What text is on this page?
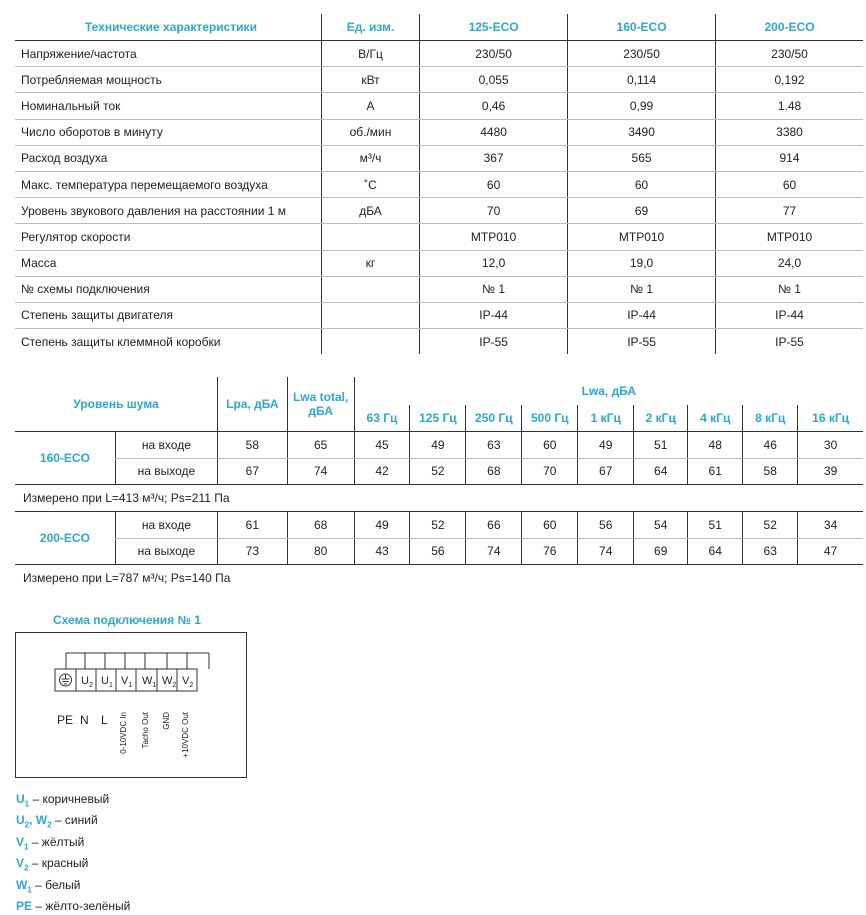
Технические характеристики	Ед. изм.	125-ECO	160-ECO	200-ECO
Напряжение/частота	В/Гц	230/50	230/50	230/50
Потребляемая мощность	кВт	0,055	0,114	0,192
Номинальный ток	А	0,46	0,99	1.48
Число оборотов в минуту	об./мин	4480	3490	3380
Расход воздуха	м³/ч	367	565	914
Макс. температура перемещаемого воздуха	˚С	60	60	60
Уровень звукового давления на расстоянии 1 м	дБА	70	69	77
Регулятор скорости		MTP010	MTP010	MTP010
Масса	кг	12,0	19,0	24,0
№ схемы подключения		№ 1	№ 1	№ 1
Степень защиты двигателя		IP-44	IP-44	IP-44
Степень защиты клеммной коробки		IP-55	IP-55	IP-55
Уровень шума		Lpa, дБА	Lwa total, дБА	Lwa, дБА								
				63 Гц	125 Гц	250 Гц	500 Гц	1 кГц	2 кГц	4 кГц	8 кГц	16 кГц
160-ECO	на входе	58	65	45	49	63	60	49	51	48	46	30
	на выходе	67	74	42	52	68	70	67	64	61	58	39
Измерено при L=413 м³/ч; Ps=211 Па												
200-ECO	на входе	61	68	49	52	66	60	56	54	51	52	34
	на выходе	73	80	43	56	74	76	74	69	64	63	47
Измерено при L=787 м³/ч; Ps=140 Па												
Схема подключения № 1
$U_2$ $U_1$ $V_1$ $W_1$ $W_2$ $V_2$
PE N L 0-10VDC In Tacho Out GND +10VDC Out
$U_1$ – коричневый
$U_2$, $W_2$ – синий
$V_1$ – жёлтый
$V_2$ – красный
$W_1$ – белый
PE – жёлто-зелёный
